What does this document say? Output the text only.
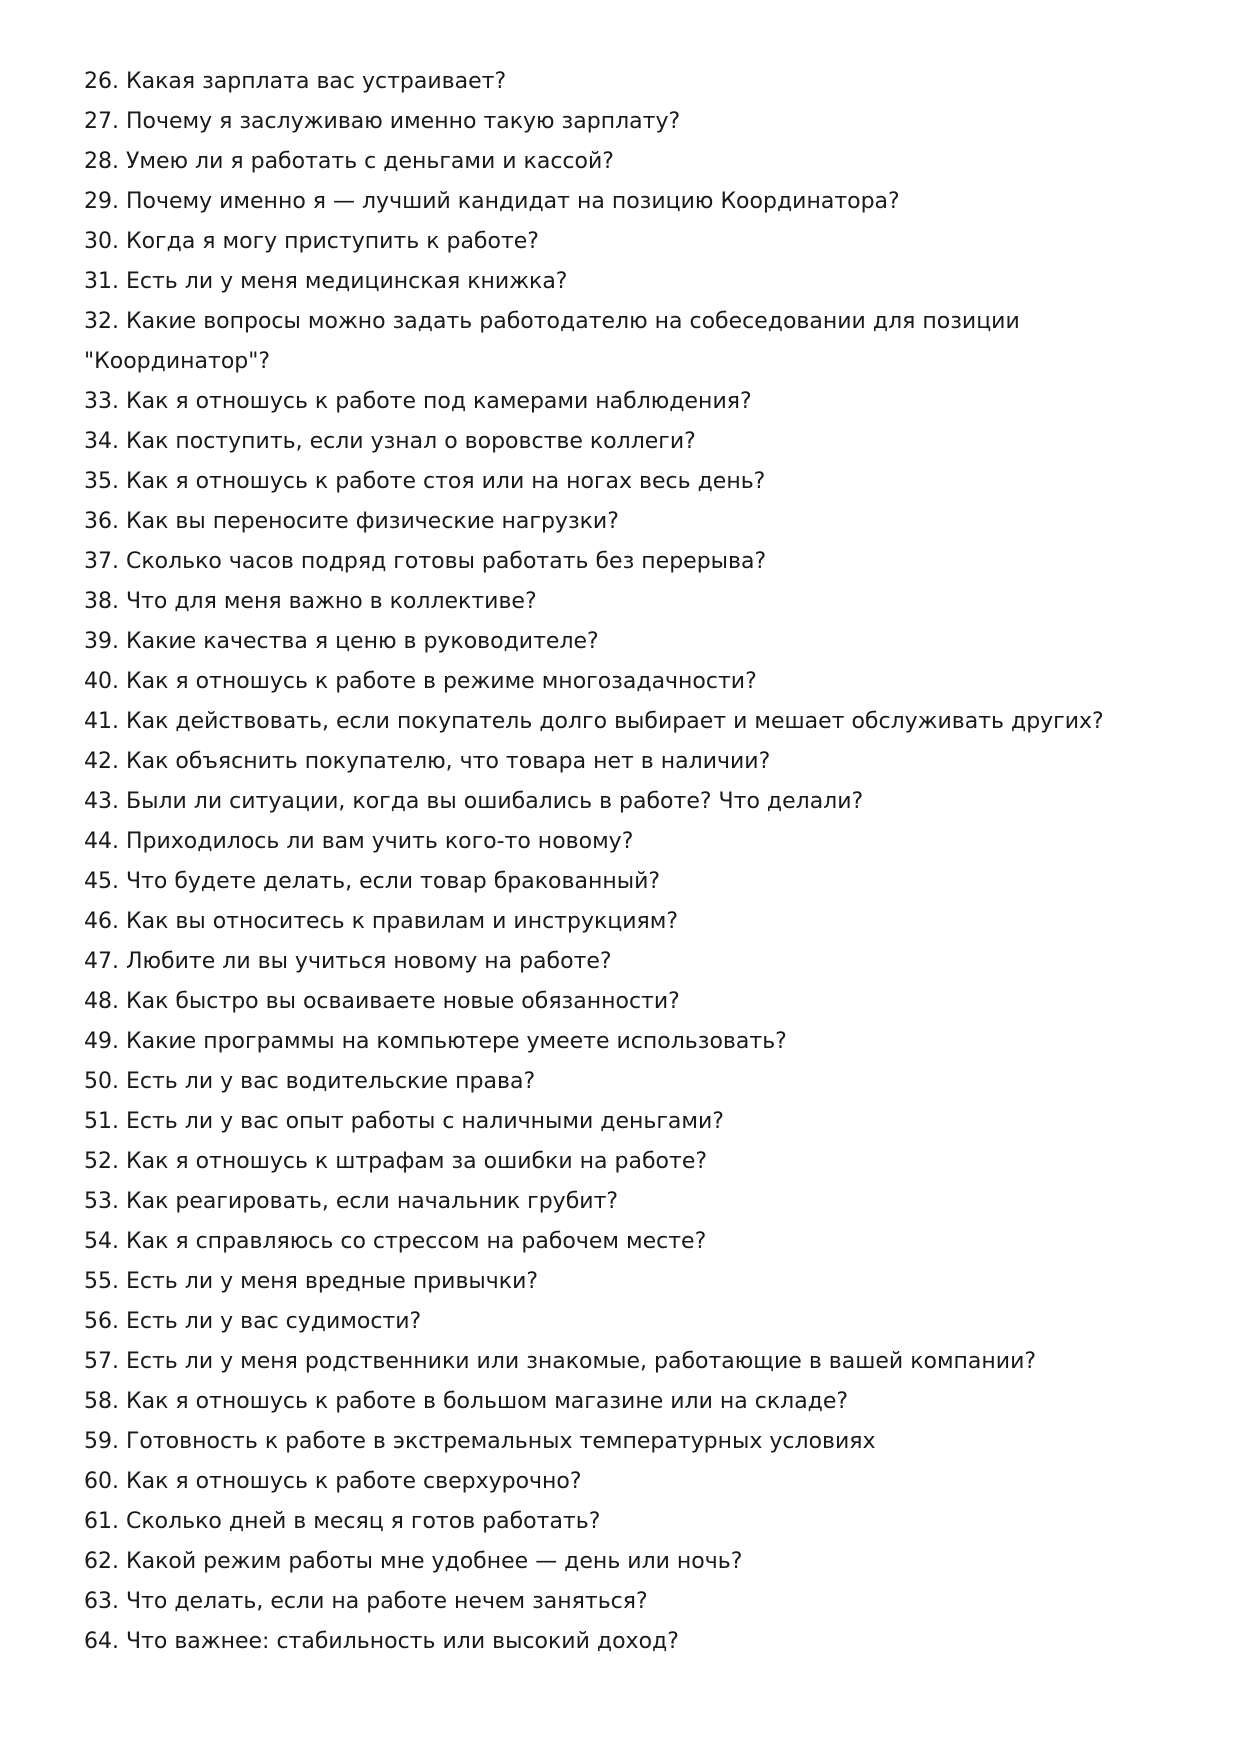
26. Какая зарплата вас устраивает?
27. Почему я заслуживаю именно такую зарплату?
28. Умею ли я работать с деньгами и кассой?
29. Почему именно я — лучший кандидат на позицию Координатора?
30. Когда я могу приступить к работе?
31. Есть ли у меня медицинская книжка?
32. Какие вопросы можно задать работодателю на собеседовании для позиции "Координатор"?
33. Как я отношусь к работе под камерами наблюдения?
34. Как поступить, если узнал о воровстве коллеги?
35. Как я отношусь к работе стоя или на ногах весь день?
36. Как вы переносите физические нагрузки?
37. Сколько часов подряд готовы работать без перерыва?
38. Что для меня важно в коллективе?
39. Какие качества я ценю в руководителе?
40. Как я отношусь к работе в режиме многозадачности?
41. Как действовать, если покупатель долго выбирает и мешает обслуживать других?
42. Как объяснить покупателю, что товара нет в наличии?
43. Были ли ситуации, когда вы ошибались в работе? Что делали?
44. Приходилось ли вам учить кого-то новому?
45. Что будете делать, если товар бракованный?
46. Как вы относитесь к правилам и инструкциям?
47. Любите ли вы учиться новому на работе?
48. Как быстро вы осваиваете новые обязанности?
49. Какие программы на компьютере умеете использовать?
50. Есть ли у вас водительские права?
51. Есть ли у вас опыт работы с наличными деньгами?
52. Как я отношусь к штрафам за ошибки на работе?
53. Как реагировать, если начальник грубит?
54. Как я справляюсь со стрессом на рабочем месте?
55. Есть ли у меня вредные привычки?
56. Есть ли у вас судимости?
57. Есть ли у меня родственники или знакомые, работающие в вашей компании?
58. Как я отношусь к работе в большом магазине или на складе?
59. Готовность к работе в экстремальных температурных условиях
60. Как я отношусь к работе сверхурочно?
61. Сколько дней в месяц я готов работать?
62. Какой режим работы мне удобнее — день или ночь?
63. Что делать, если на работе нечем заняться?
64. Что важнее: стабильность или высокий доход?
